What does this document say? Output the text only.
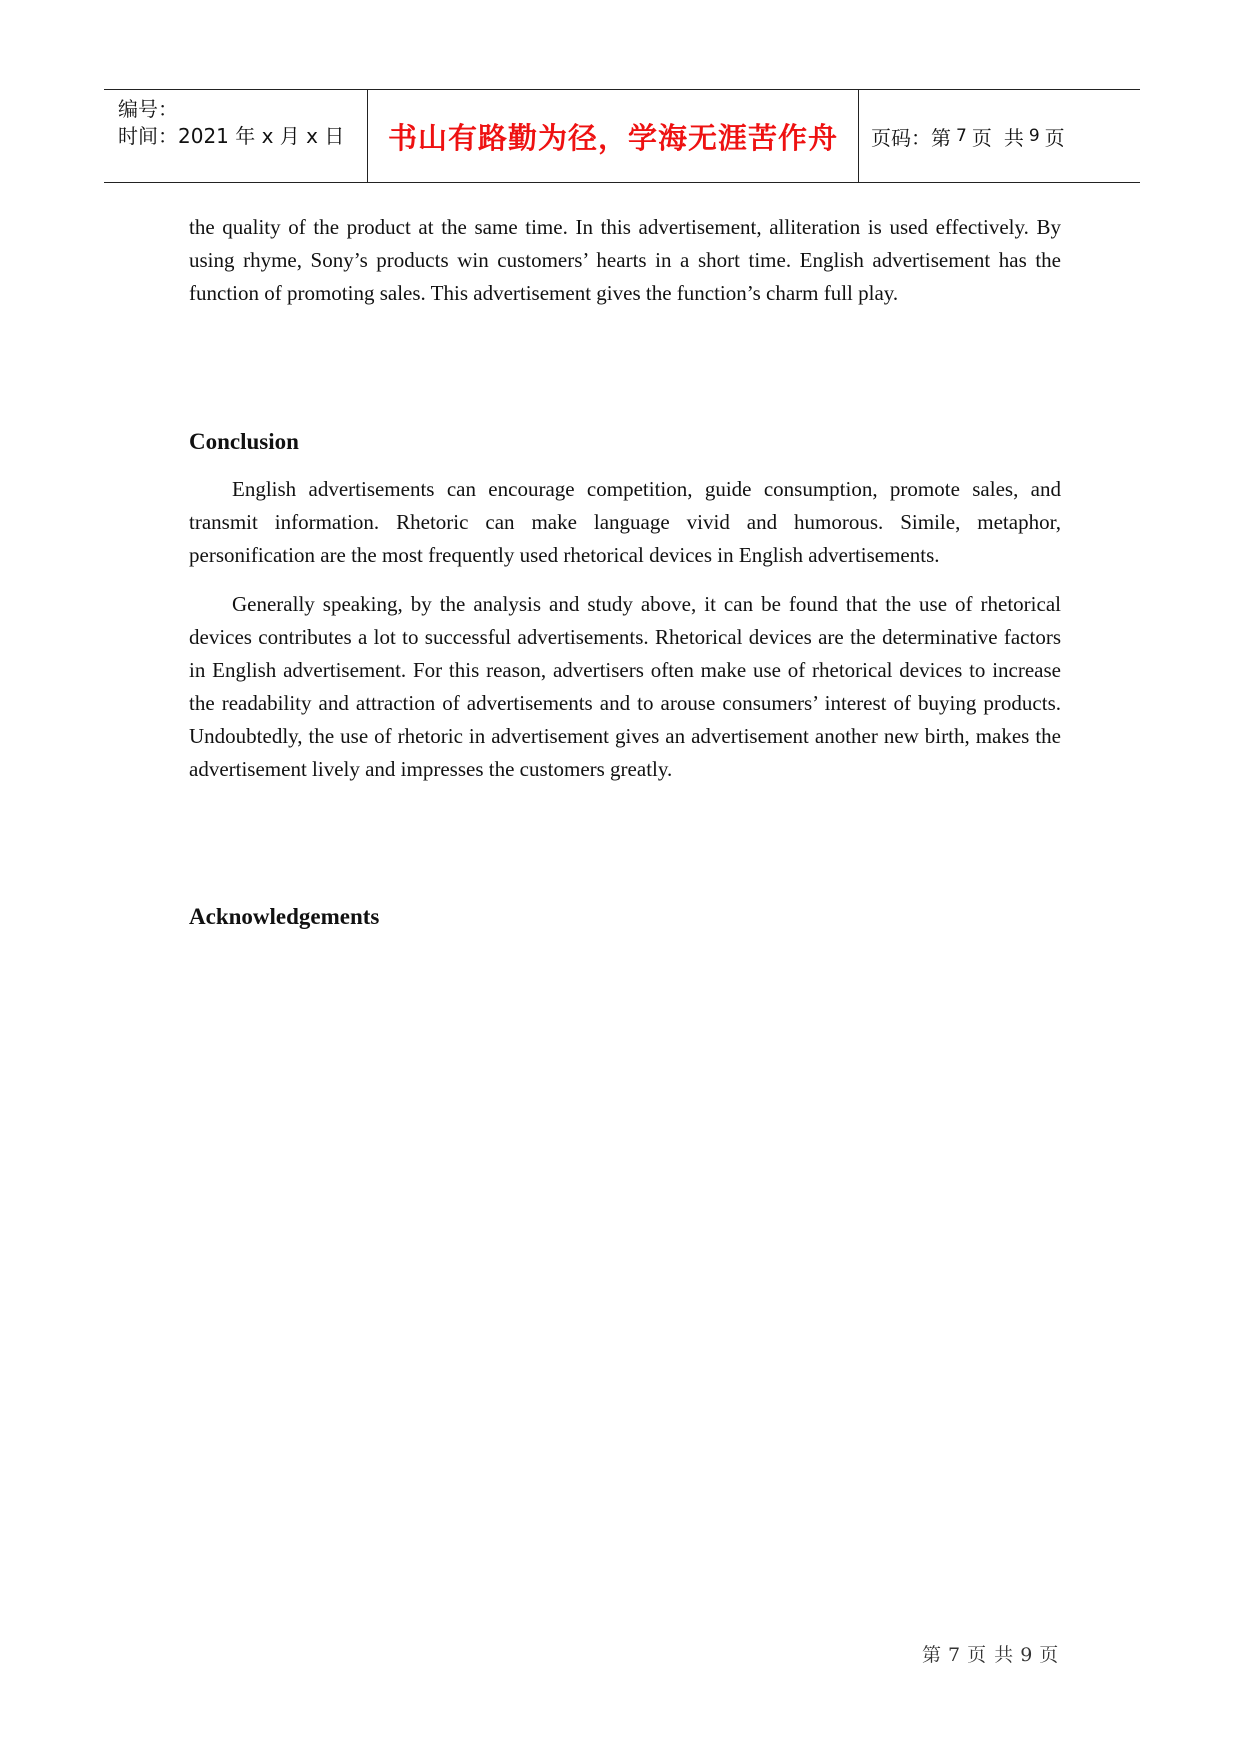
编号：
时间：2021 年 x 月 x 日	书山有路勤为径，学海无涯苦作舟	页码：第 7 页 共 9 页

the quality of the product at the same time. In this advertisement, alliteration is used effectively. By using rhyme, Sony’s products win customers’ hearts in a short time. English advertisement has the function of promoting sales. This advertisement gives the function’s charm full play.

Conclusion

English advertisements can encourage competition, guide consumption, promote sales, and transmit information. Rhetoric can make language vivid and humorous. Simile, metaphor, personification are the most frequently used rhetorical devices in English advertisements.

Generally speaking, by the analysis and study above, it can be found that the use of rhetorical devices contributes a lot to successful advertisements. Rhetorical devices are the determinative factors in English advertisement. For this reason, advertisers often make use of rhetorical devices to increase the readability and attraction of advertisements and to arouse consumers’ interest of buying products. Undoubtedly, the use of rhetoric in advertisement gives an advertisement another new birth, makes the advertisement lively and impresses the customers greatly.

Acknowledgements
第 7 页 共 9 页
